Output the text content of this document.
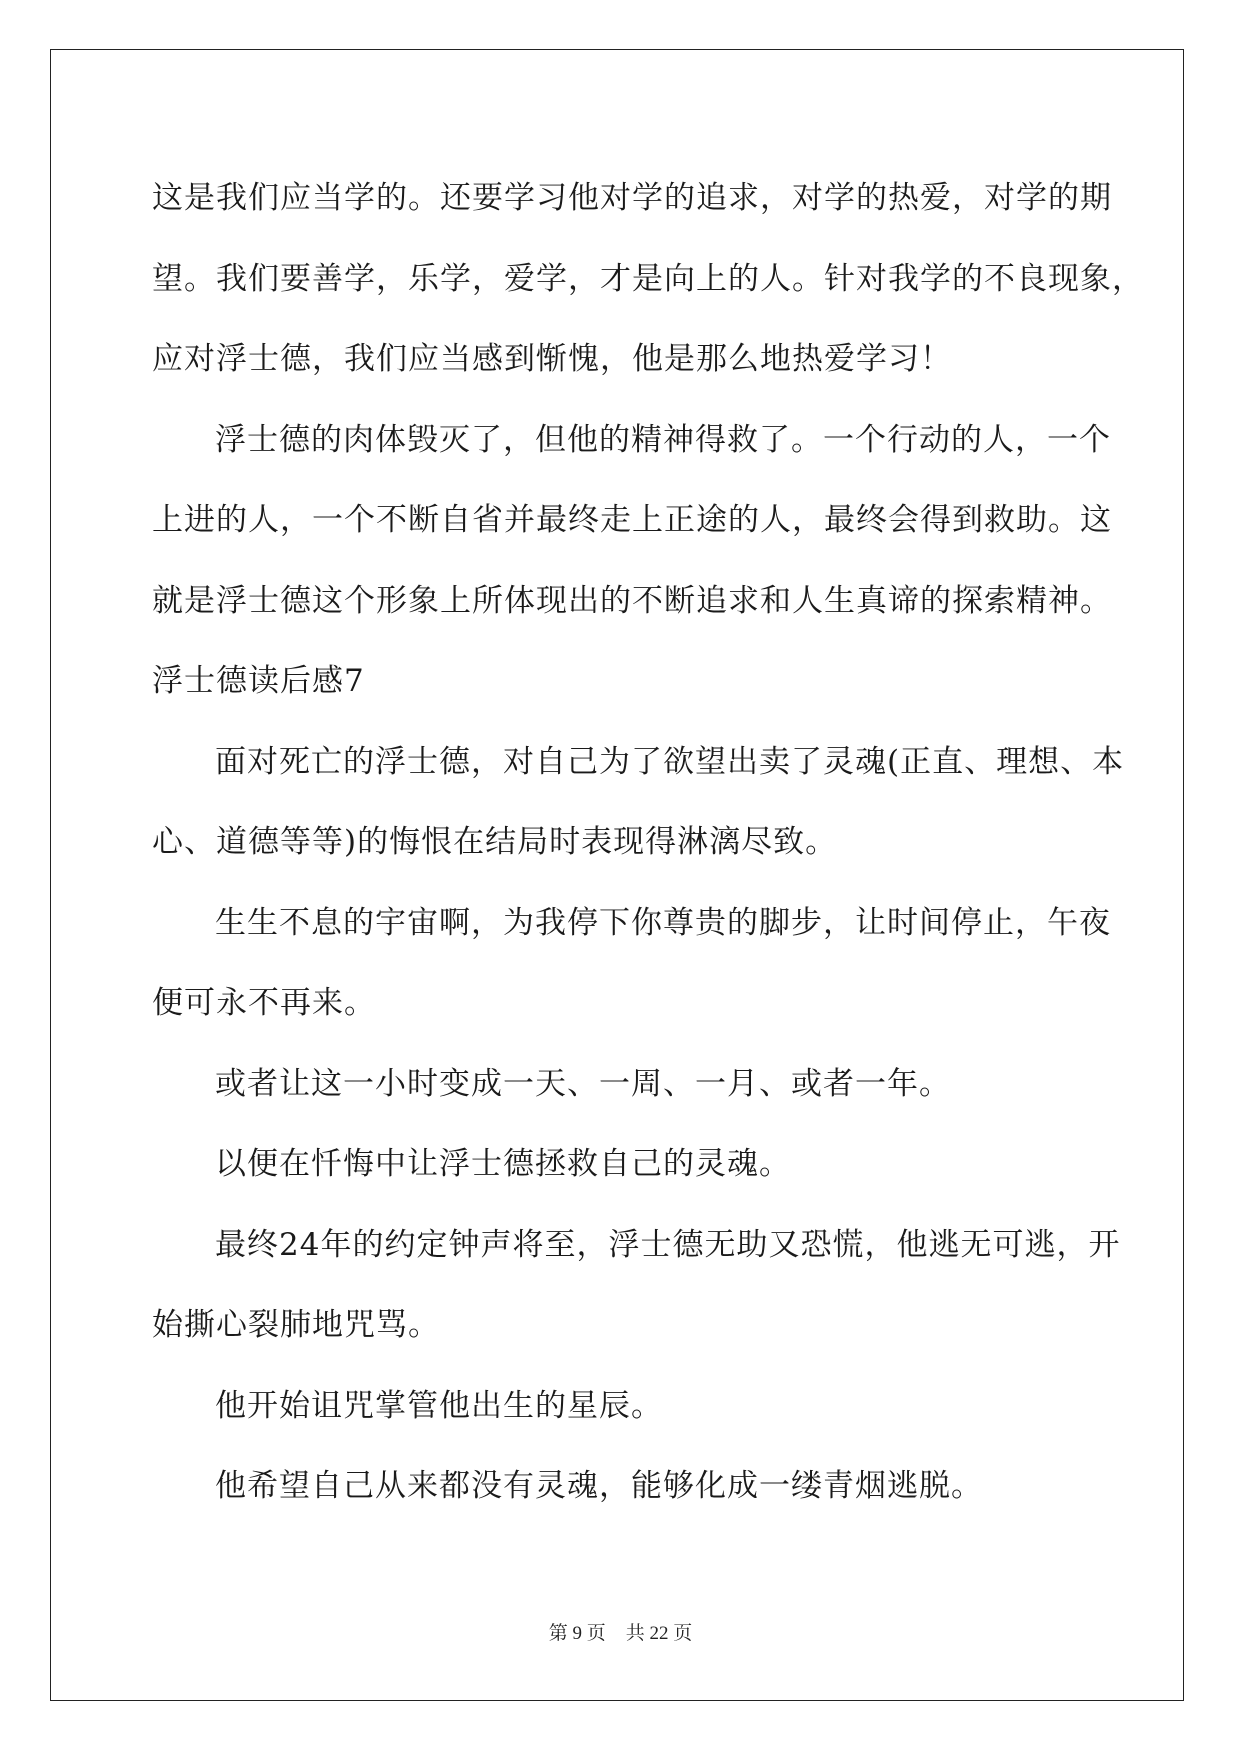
这是我们应当学的。还要学习他对学的追求，对学的热爱，对学的期
望。我们要善学，乐学，爱学，才是向上的人。针对我学的不良现象，
应对浮士德，我们应当感到惭愧，他是那么地热爱学习！
浮士德的肉体毁灭了，但他的精神得救了。一个行动的人，一个
上进的人，一个不断自省并最终走上正途的人，最终会得到救助。这
就是浮士德这个形象上所体现出的不断追求和人生真谛的探索精神。
浮士德读后感7
面对死亡的浮士德，对自己为了欲望出卖了灵魂(正直、理想、本
心、道德等等)的悔恨在结局时表现得淋漓尽致。
生生不息的宇宙啊，为我停下你尊贵的脚步，让时间停止，午夜
便可永不再来。
或者让这一小时变成一天、一周、一月、或者一年。
以便在忏悔中让浮士德拯救自己的灵魂。
最终24年的约定钟声将至，浮士德无助又恐慌，他逃无可逃，开
始撕心裂肺地咒骂。
他开始诅咒掌管他出生的星辰。
他希望自己从来都没有灵魂，能够化成一缕青烟逃脱。
第 9 页 共 22 页
